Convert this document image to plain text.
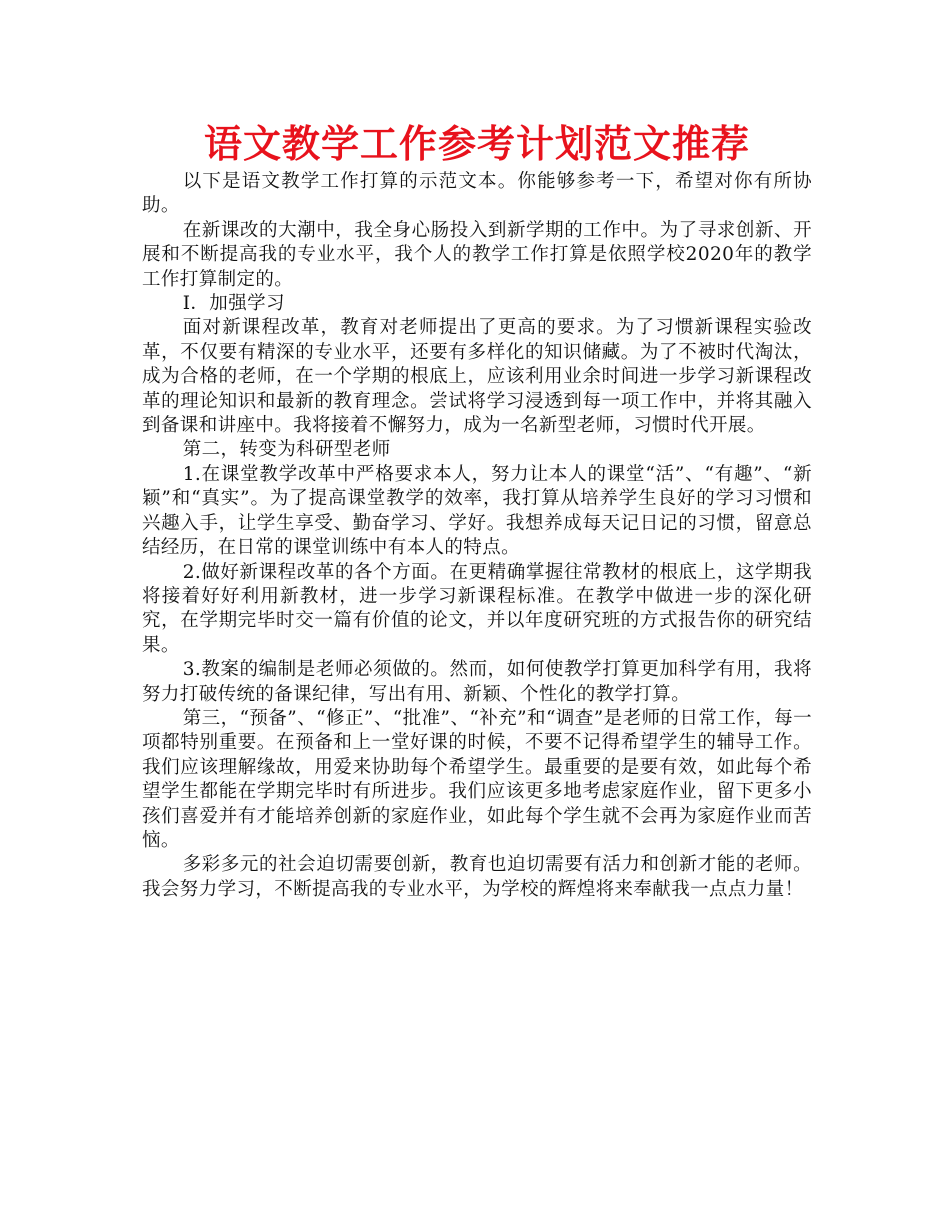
语文教学工作参考计划范文推荐

以下是语文教学工作打算的示范文本。你能够参考一下，希望对你有所协助。

在新课改的大潮中，我全身心肠投入到新学期的工作中。为了寻求创新、开展和不断提高我的专业水平，我个人的教学工作打算是依照学校2020年的教学工作打算制定的。

I．加强学习

面对新课程改革，教育对老师提出了更高的要求。为了习惯新课程实验改革，不仅要有精深的专业水平，还要有多样化的知识储藏。为了不被时代淘汰，成为合格的老师，在一个学期的根底上，应该利用业余时间进一步学习新课程改革的理论知识和最新的教育理念。尝试将学习浸透到每一项工作中，并将其融入到备课和讲座中。我将接着不懈努力，成为一名新型老师，习惯时代开展。

第二，转变为科研型老师

1.在课堂教学改革中严格要求本人，努力让本人的课堂“活”、“有趣”、“新颖”和“真实”。为了提高课堂教学的效率，我打算从培养学生良好的学习习惯和兴趣入手，让学生享受、勤奋学习、学好。我想养成每天记日记的习惯，留意总结经历，在日常的课堂训练中有本人的特点。

2.做好新课程改革的各个方面。在更精确掌握往常教材的根底上，这学期我将接着好好利用新教材，进一步学习新课程标准。在教学中做进一步的深化研究，在学期完毕时交一篇有价值的论文，并以年度研究班的方式报告你的研究结果。

3.教案的编制是老师必须做的。然而，如何使教学打算更加科学有用，我将努力打破传统的备课纪律，写出有用、新颖、个性化的教学打算。

第三，“预备”、“修正”、“批准”、“补充”和“调查”是老师的日常工作，每一项都特别重要。在预备和上一堂好课的时候，不要不记得希望学生的辅导工作。我们应该理解缘故，用爱来协助每个希望学生。最重要的是要有效，如此每个希望学生都能在学期完毕时有所进步。我们应该更多地考虑家庭作业，留下更多小孩们喜爱并有才能培养创新的家庭作业，如此每个学生就不会再为家庭作业而苦恼。

多彩多元的社会迫切需要创新，教育也迫切需要有活力和创新才能的老师。我会努力学习，不断提高我的专业水平，为学校的辉煌将来奉献我一点点力量！
